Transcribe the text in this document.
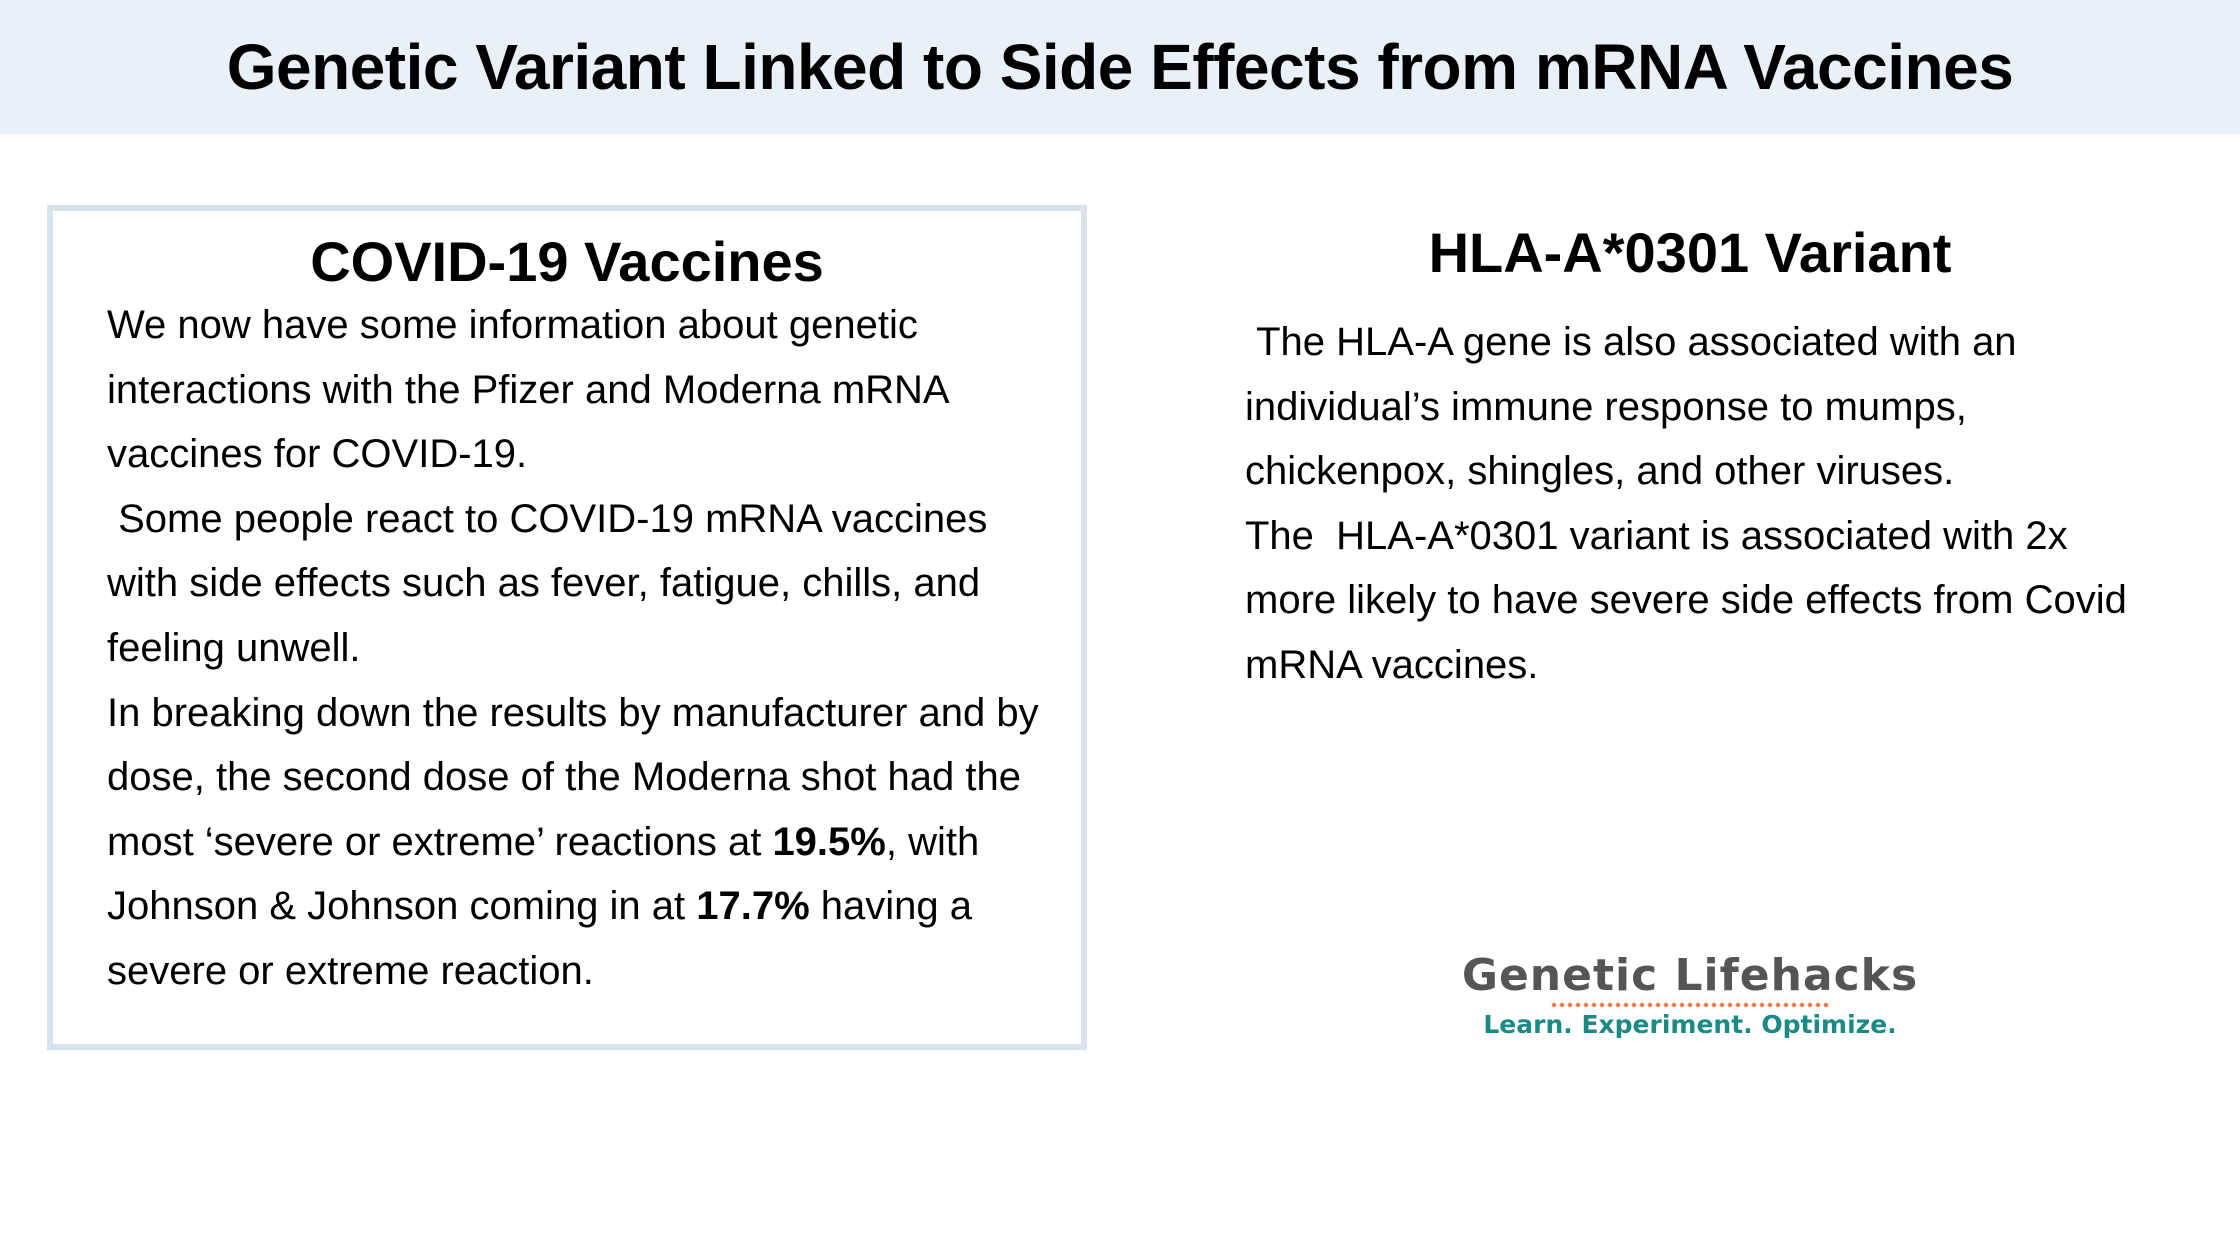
Genetic Variant Linked to Side Effects from mRNA Vaccines
COVID-19 Vaccines

We now have some information about genetic interactions with the Pfizer and Moderna mRNA vaccines for COVID-19.

Some people react to COVID-19 mRNA vaccines with side effects such as fever, fatigue, chills, and feeling unwell.

In breaking down the results by manufacturer and by dose, the second dose of the Moderna shot had the most ‘severe or extreme’ reactions at 19.5%, with Johnson & Johnson coming in at 17.7% having a severe or extreme reaction.

HLA-A*0301 Variant

The HLA-A gene is also associated with an individual’s immune response to mumps, chickenpox, shingles, and other viruses.

The  HLA-A*0301 variant is associated with 2x more likely to have severe side effects from Covid mRNA vaccines.

Genetic Lifehacks
Learn. Experiment. Optimize.
